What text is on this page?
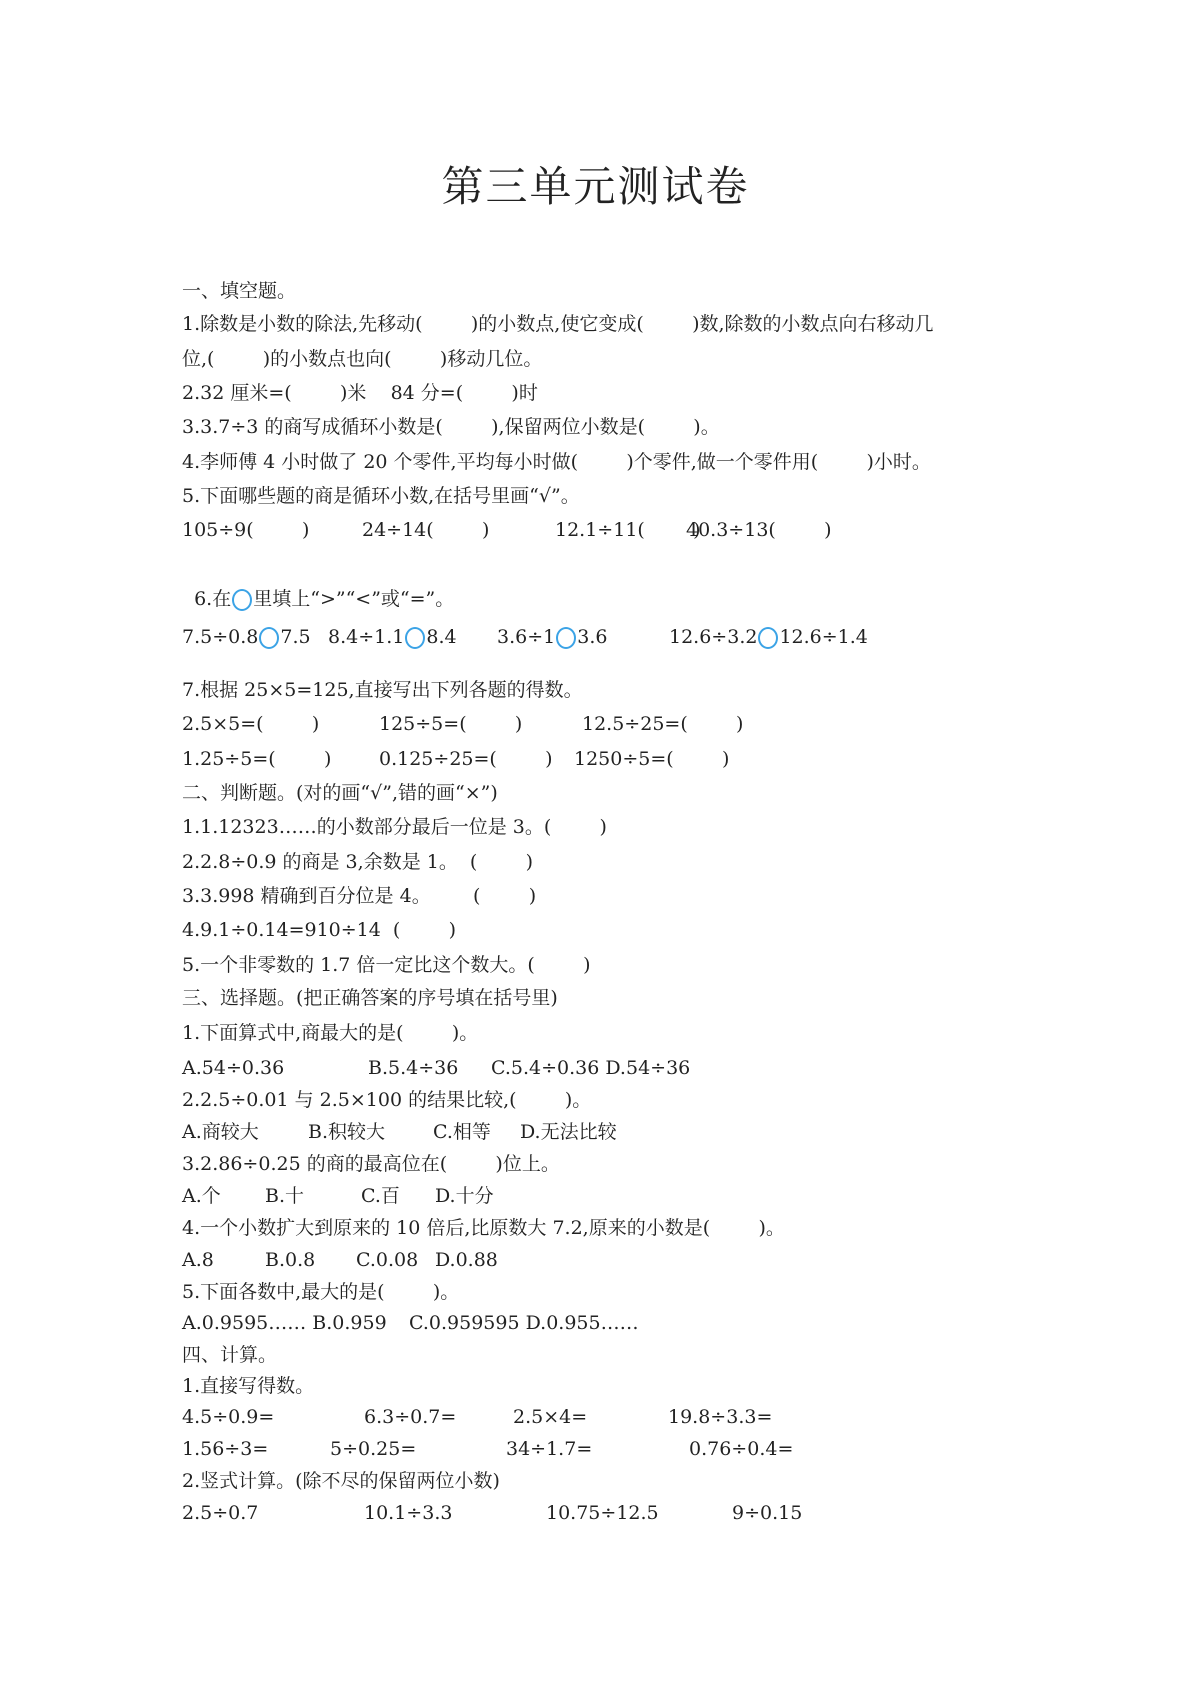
第三单元测试卷
一、填空题。
1.除数是小数的除法,先移动(        )的小数点,使它变成(        )数,除数的小数点向右移动几
位,(        )的小数点也向(        )移动几位。
2.32 厘米=(        )米    84 分=(        )时
3.3.7÷3 的商写成循环小数是(        ),保留两位小数是(        )。
4.李师傅 4 小时做了 20 个零件,平均每小时做(        )个零件,做一个零件用(        )小时。
5.下面哪些题的商是循环小数,在括号里画“√”。

105÷9(        )

	24÷14(        )

	12.1÷11(        )

40.3÷13(        )

6.在 里填上“>”“<”或“=”。

7.5÷0.8 7.5

8.4÷1.1 8.4

3.6÷1 3.6

	12.6÷3.2 12.6÷1.4

7.根据 25×5=125,直接写出下列各题的得数。

2.5×5=(        )

	125÷5=(        )

	12.5÷25=(        )

1.25÷5=(        )

	0.125÷25=(        )

1250÷5=(        )

二、判断题。(对的画“√”,错的画“×”)
1.1.12323……的小数部分最后一位是 3。(        )
2.2.8÷0.9 的商是 3,余数是 1。  (        )
3.3.998 精确到百分位是 4。       (        )
4.9.1÷0.14=910÷14  (        )
5.一个非零数的 1.7 倍一定比这个数大。(        )
三、选择题。(把正确答案的序号填在括号里)
1.下面算式中,商最大的是(        )。

A.54÷0.36

	B.5.4÷36

C.5.4÷0.36 D.54÷36

2.2.5÷0.01 与 2.5×100 的结果比较,(        )。

A.商较大

	B.积较大

	C.相等

D.无法比较

3.2.86÷0.25 的商的最高位在(        )位上。

A.个

B.十

	C.百

D.十分

4.一个小数扩大到原来的 10 倍后,比原数大 7.2,原来的小数是(        )。

A.8

	B.0.8

C.0.08

D.0.88

5.下面各数中,最大的是(        )。

A.0.9595…… B.0.959

C.0.959595 D.0.955……

四、计算。
1.直接写得数。

4.5÷0.9=

	6.3÷0.7=

	2.5×4=

	19.8÷3.3=

1.56÷3=

	5÷0.25=

	34÷1.7=

	0.76÷0.4=

2.竖式计算。(除不尽的保留两位小数)

2.5÷0.7

	10.1÷3.3

	10.75÷12.5

	9÷0.15
